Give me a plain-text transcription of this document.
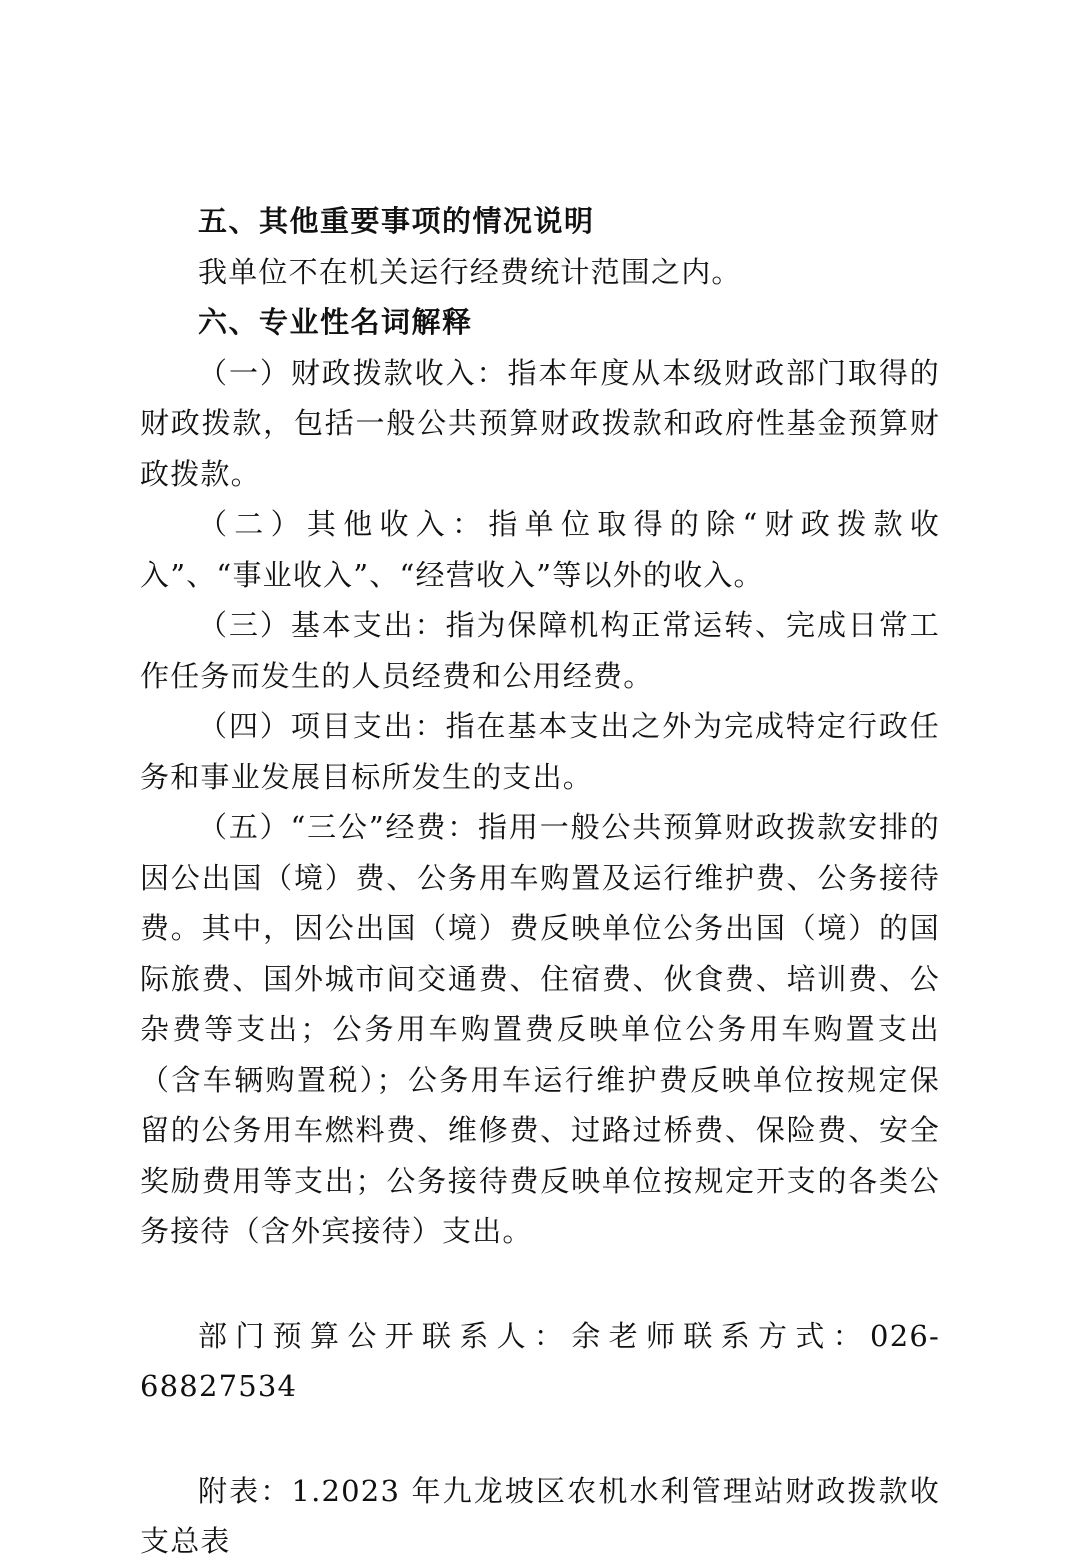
五、其他重要事项的情况说明

我单位不在机关运行经费统计范围之内。

六、专业性名词解释

（一）财政拨款收入：指本年度从本级财政部门取得的财政拨款，包括一般公共预算财政拨款和政府性基金预算财政拨款。

（二）其他收入：指单位取得的除“财政拨款收入”、“事业收入”、“经营收入”等以外的收入。

（三）基本支出：指为保障机构正常运转、完成日常工作任务而发生的人员经费和公用经费。

（四）项目支出：指在基本支出之外为完成特定行政任务和事业发展目标所发生的支出。

（五）“三公”经费：指用一般公共预算财政拨款安排的因公出国（境）费、公务用车购置及运行维护费、公务接待费。其中，因公出国（境）费反映单位公务出国（境）的国际旅费、国外城市间交通费、住宿费、伙食费、培训费、公杂费等支出；公务用车购置费反映单位公务用车购置支出（含车辆购置税）；公务用车运行维护费反映单位按规定保留的公务用车燃料费、维修费、过路过桥费、保险费、安全奖励费用等支出；公务接待费反映单位按规定开支的各类公务接待（含外宾接待）支出。

部门预算公开联系人：余老师联系方式：026- 68827534

附表：1.2023 年九龙坡区农机水利管理站财政拨款收支总表
